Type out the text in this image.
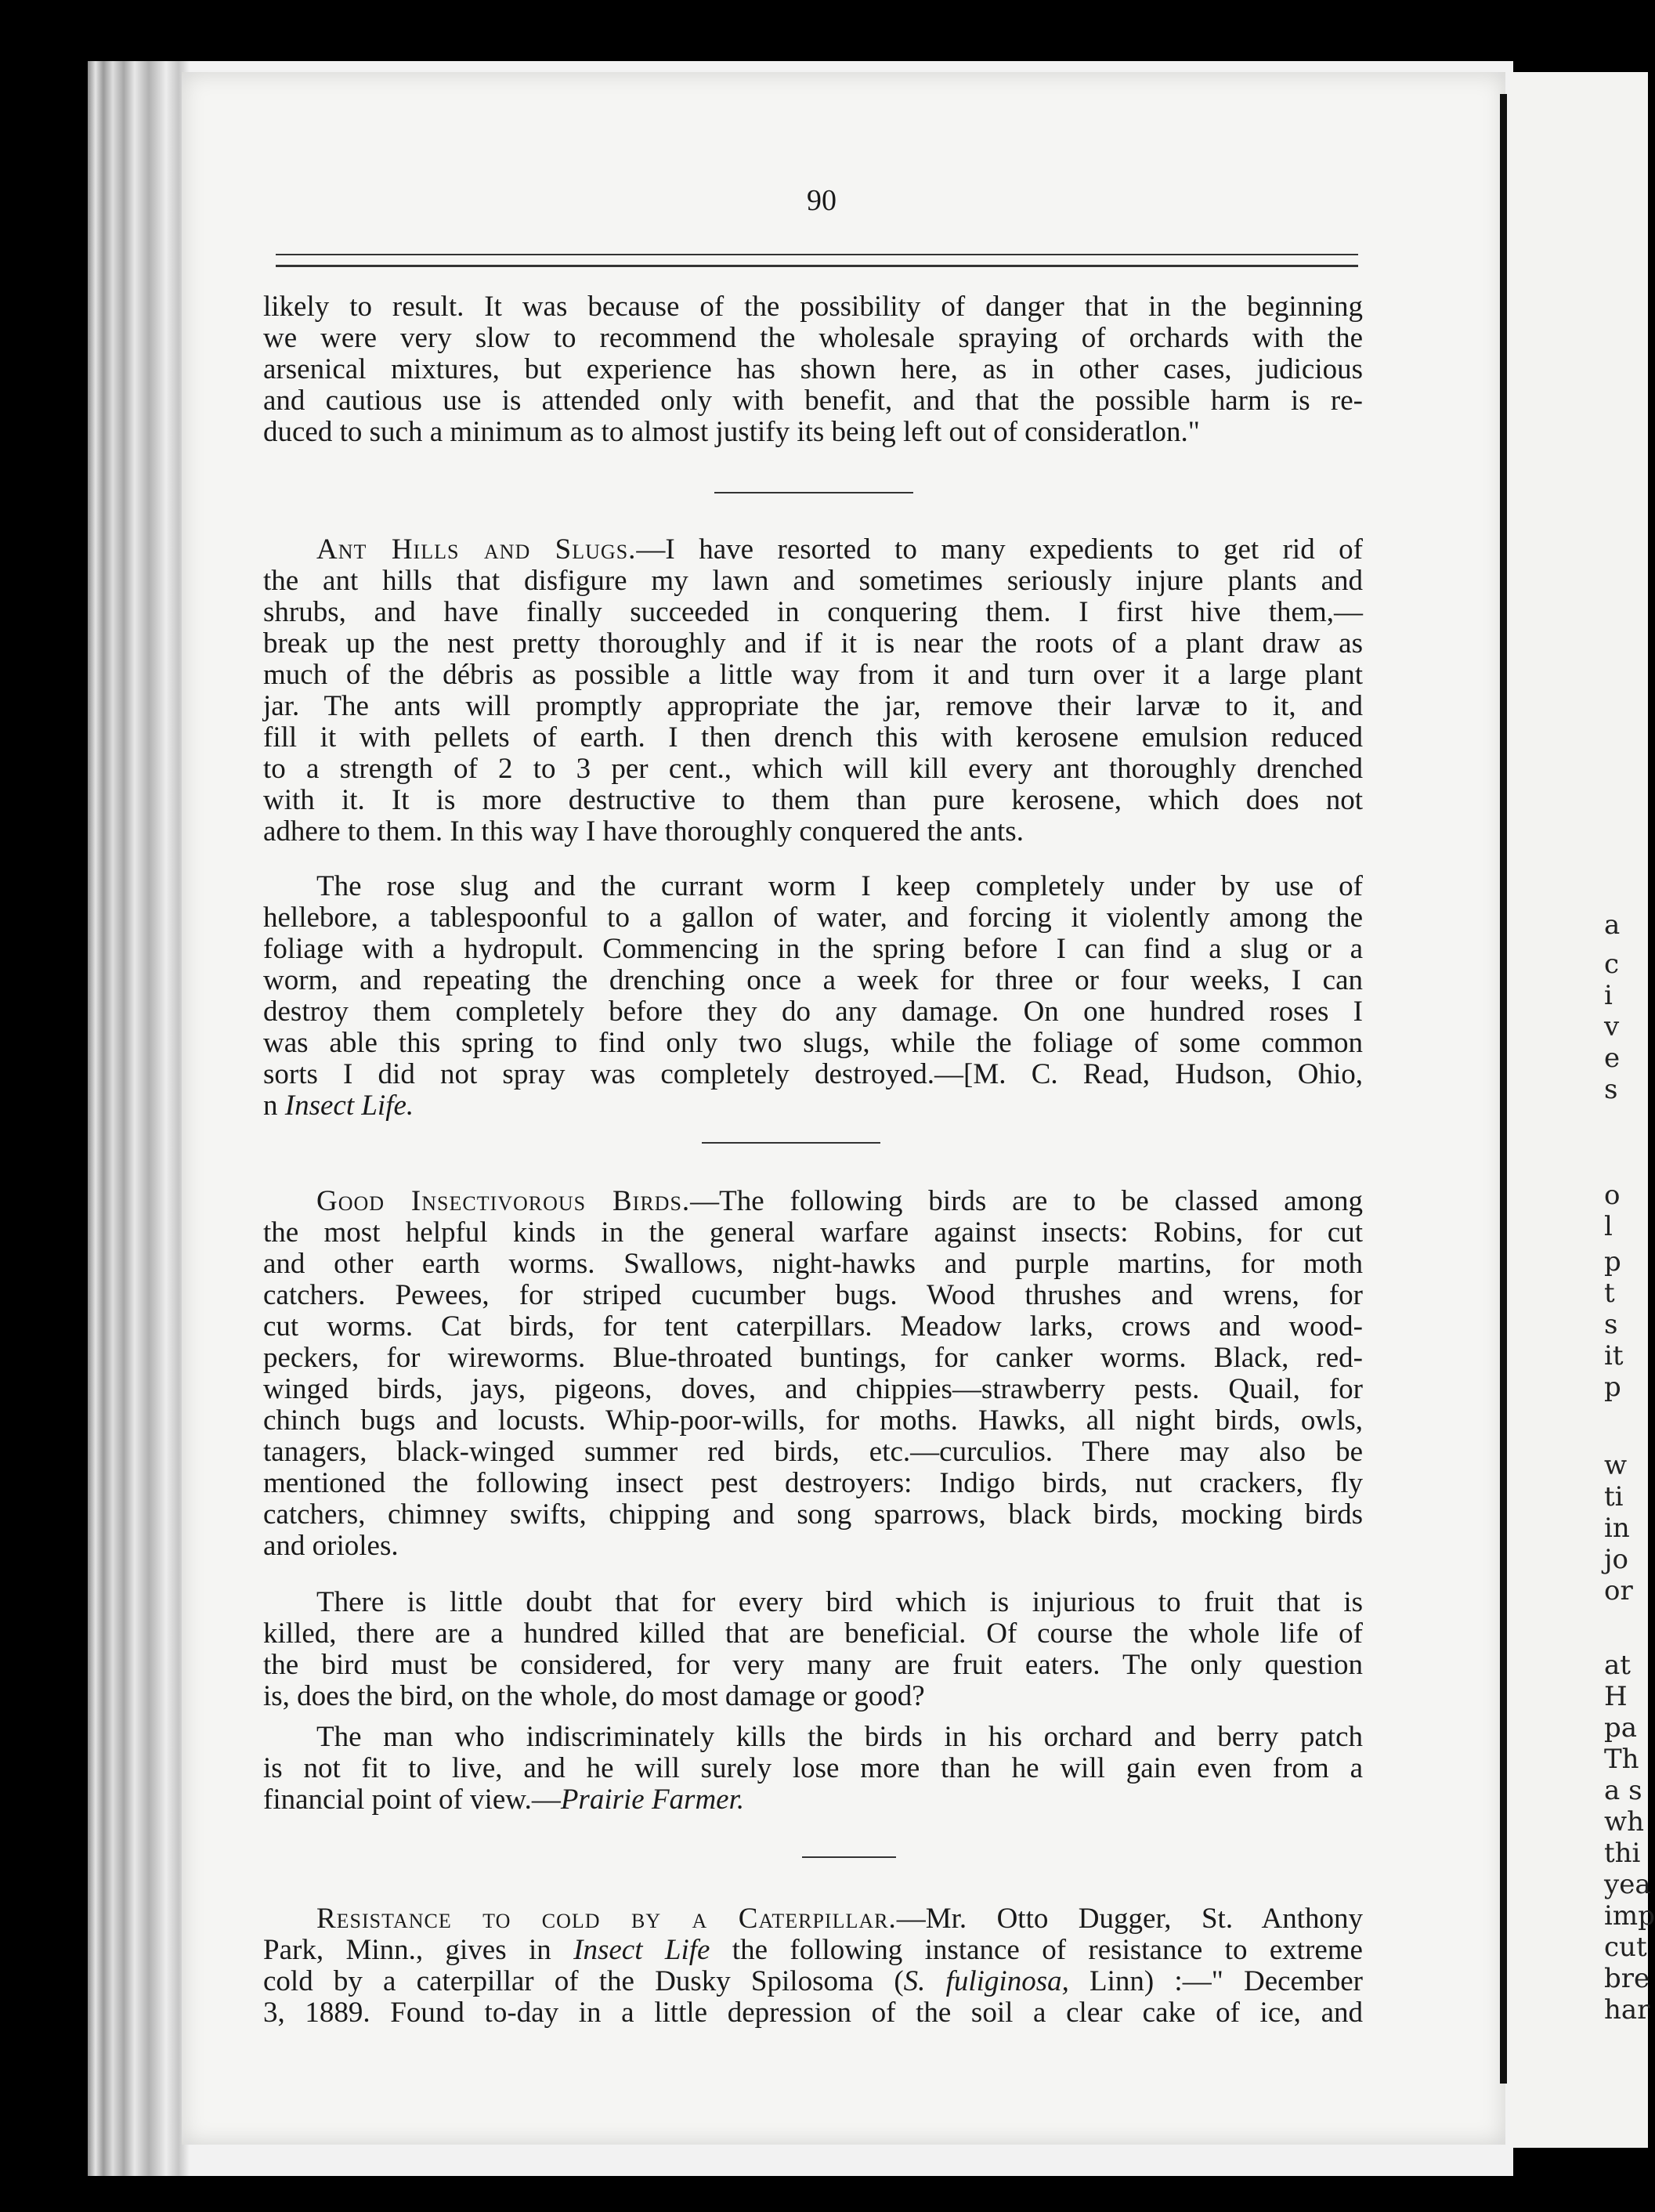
a
c
i
v
e
s
o
l
p
t
s
it
p
w
ti
in
jo
or
at
H
pa
Th
a s
wh
thi
yea
imp
cut
bre
har
90
likely to result. It was because of the possibility of danger that in the beginning
we were very slow to recommend the wholesale spraying of orchards with the
arsenical mixtures, but experience has shown here, as in other cases, judicious
and cautious use is attended only with benefit, and that the possible harm is re-
duced to such a minimum as to almost justify its being left out of consideratlon."
Ant Hills and Slugs.—I have resorted to many expedients to get rid of
the ant hills that disfigure my lawn and sometimes seriously injure plants and
shrubs, and have finally succeeded in conquering them. I first hive them,—
break up the nest pretty thoroughly and if it is near the roots of a plant draw as
much of the débris as possible a little way from it and turn over it a large plant
jar. The ants will promptly appropriate the jar, remove their larvæ to it, and
fill it with pellets of earth. I then drench this with kerosene emulsion reduced
to a strength of 2 to 3 per cent., which will kill every ant thoroughly drenched
with it. It is more destructive to them than pure kerosene, which does not
adhere to them. In this way I have thoroughly conquered the ants.
The rose slug and the currant worm I keep completely under by use of
hellebore, a tablespoonful to a gallon of water, and forcing it violently among the
foliage with a hydropult. Commencing in the spring before I can find a slug or a
worm, and repeating the drenching once a week for three or four weeks, I can
destroy them completely before they do any damage. On one hundred roses I
was able this spring to find only two slugs, while the foliage of some common
sorts I did not spray was completely destroyed.—[M. C. Read, Hudson, Ohio,
n Insect Life.
Good Insectivorous Birds.—The following birds are to be classed among
the most helpful kinds in the general warfare against insects: Robins, for cut
and other earth worms. Swallows, night-hawks and purple martins, for moth
catchers. Pewees, for striped cucumber bugs. Wood thrushes and wrens, for
cut worms. Cat birds, for tent caterpillars. Meadow larks, crows and wood-
peckers, for wireworms. Blue-throated buntings, for canker worms. Black, red-
winged birds, jays, pigeons, doves, and chippies—strawberry pests. Quail, for
chinch bugs and locusts. Whip-poor-wills, for moths. Hawks, all night birds, owls,
tanagers, black-winged summer red birds, etc.—curculios. There may also be
mentioned the following insect pest destroyers: Indigo birds, nut crackers, fly
catchers, chimney swifts, chipping and song sparrows, black birds, mocking birds
and orioles.
There is little doubt that for every bird which is injurious to fruit that is
killed, there are a hundred killed that are beneficial. Of course the whole life of
the bird must be considered, for very many are fruit eaters. The only question
is, does the bird, on the whole, do most damage or good?
The man who indiscriminately kills the birds in his orchard and berry patch
is not fit to live, and he will surely lose more than he will gain even from a
financial point of view.—Prairie Farmer.
Resistance to cold by a Caterpillar.—Mr. Otto Dugger, St. Anthony
Park, Minn., gives in Insect Life the following instance of resistance to extreme
cold by a caterpillar of the Dusky Spilosoma (S. fuliginosa, Linn) :—" December
3, 1889. Found to-day in a little depression of the soil a clear cake of ice, and
